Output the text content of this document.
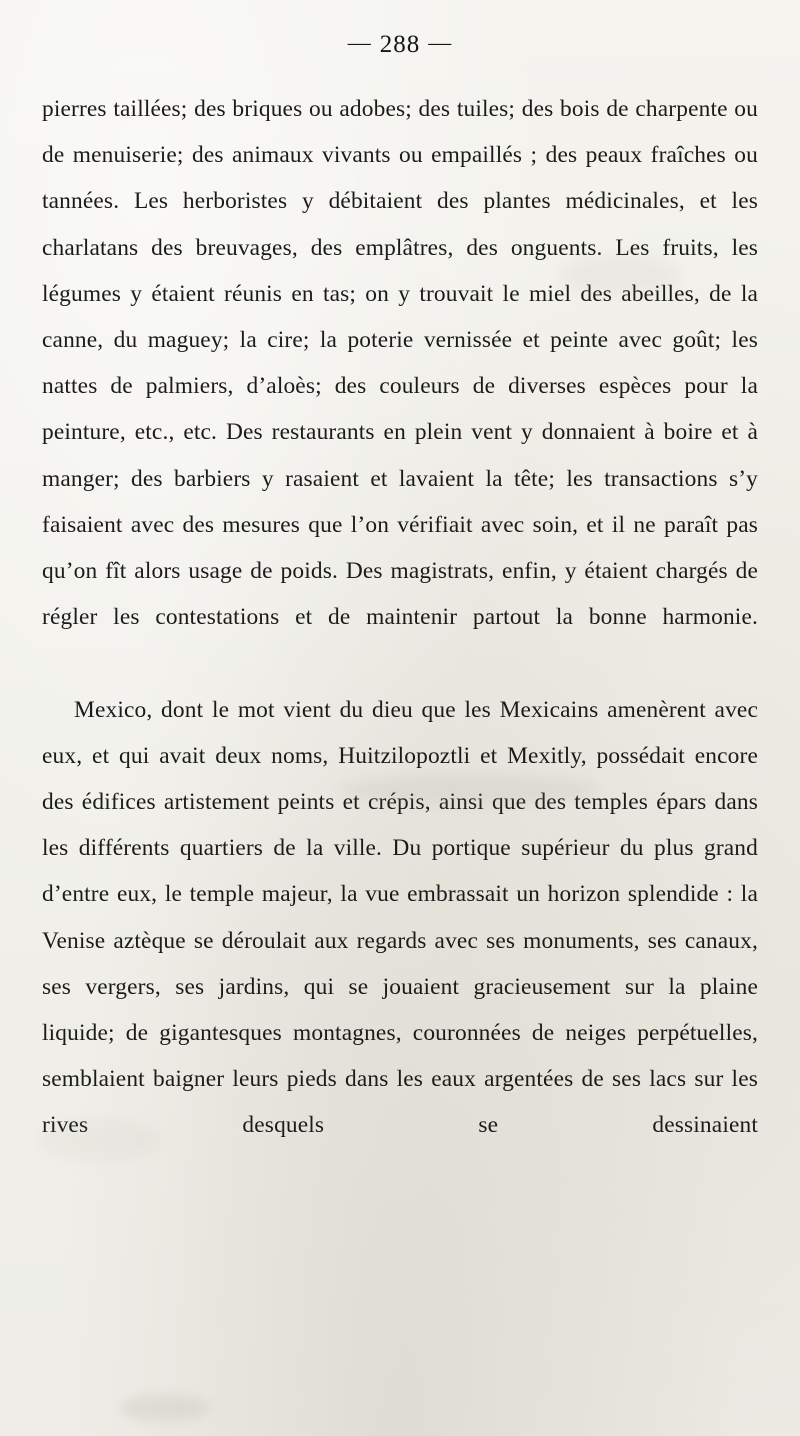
— 288 —

pierres taillées; des briques ou adobes; des tuiles; des bois de charpente ou de menuiserie; des animaux vivants ou empaillés ; des peaux fraîches ou tannées. Les herboristes y débitaient des plantes médicinales, et les charlatans des breuvages, des emplâtres, des onguents. Les fruits, les légumes y étaient réunis en tas; on y trouvait le miel des abeilles, de la canne, du maguey; la cire; la poterie vernissée et peinte avec goût; les nattes de palmiers, d’aloès; des couleurs de diverses espèces pour la peinture, etc., etc. Des restaurants en plein vent y donnaient à boire et à manger; des barbiers y rasaient et lavaient la tête; les transactions s’y faisaient avec des mesures que l’on vérifiait avec soin, et il ne paraît pas qu’on fît alors usage de poids. Des magistrats, enfin, y étaient chargés de régler les contestations et de maintenir partout la bonne harmonie.

Mexico, dont le mot vient du dieu que les Mexicains amenèrent avec eux, et qui avait deux noms, Huitzilopoztli et Mexitly, possédait encore des édifices artistement peints et crépis, ainsi que des temples épars dans les différents quartiers de la ville. Du portique supérieur du plus grand d’entre eux, le temple majeur, la vue embrassait un horizon splendide : la Venise aztèque se déroulait aux regards avec ses monuments, ses canaux, ses vergers, ses jardins, qui se jouaient gracieusement sur la plaine liquide; de gigantesques montagnes, couronnées de neiges perpétuelles, semblaient baigner leurs pieds dans les eaux argentées de ses lacs sur les rives desquels se dessinaient
